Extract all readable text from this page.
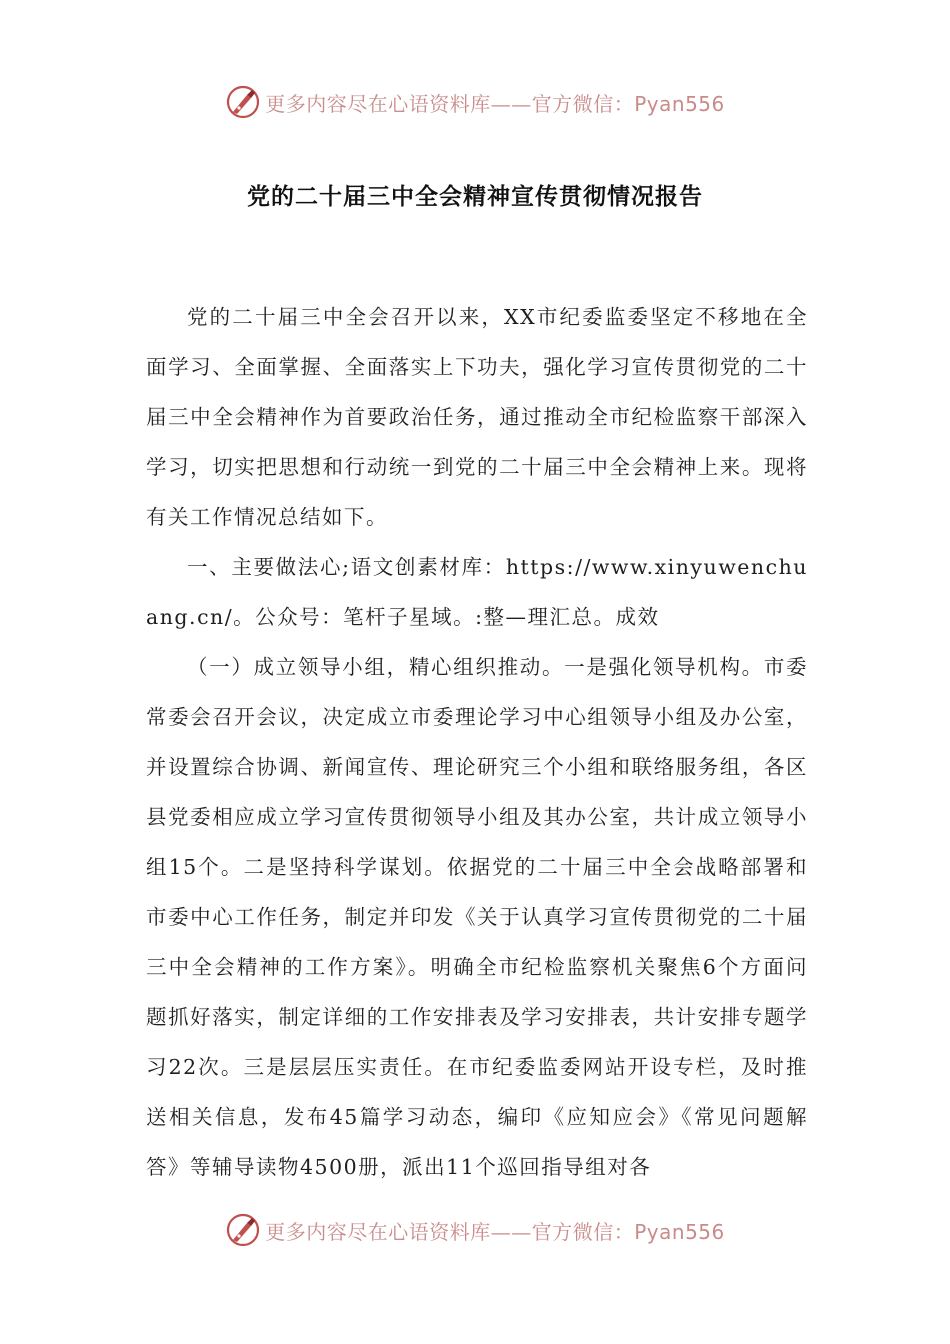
更多内容尽在心语资料库——官方微信：Pyan556
党的二十届三中全会精神宣传贯彻情况报告

党的二十届三中全会召开以来，XX市纪委监委坚定不移地在全面学习、全面掌握、全面落实上下功夫，强化学习宣传贯彻党的二十届三中全会精神作为首要政治任务，通过推动全市纪检监察干部深入学习，切实把思想和行动统一到党的二十届三中全会精神上来。现将有关工作情况总结如下。

一、主要做法心;语文创素材库：https://www.xinyuwenchuang.cn/。公众号：笔杆子星域。:整—理汇总。成效

（一）成立领导小组，精心组织推动。一是强化领导机构。市委常委会召开会议，决定成立市委理论学习中心组领导小组及办公室，并设置综合协调、新闻宣传、理论研究三个小组和联络服务组，各区县党委相应成立学习宣传贯彻领导小组及其办公室，共计成立领导小组15个。二是坚持科学谋划。依据党的二十届三中全会战略部署和市委中心工作任务，制定并印发《关于认真学习宣传贯彻党的二十届三中全会精神的工作方案》。明确全市纪检监察机关聚焦6个方面问题抓好落实，制定详细的工作安排表及学习安排表，共计安排专题学习22次。三是层层压实责任。在市纪委监委网站开设专栏，及时推送相关信息，发布45篇学习动态，编印《应知应会》《常见问题解答》等辅导读物4500册，派出11个巡回指导组对各

更多内容尽在心语资料库——官方微信：Pyan556
